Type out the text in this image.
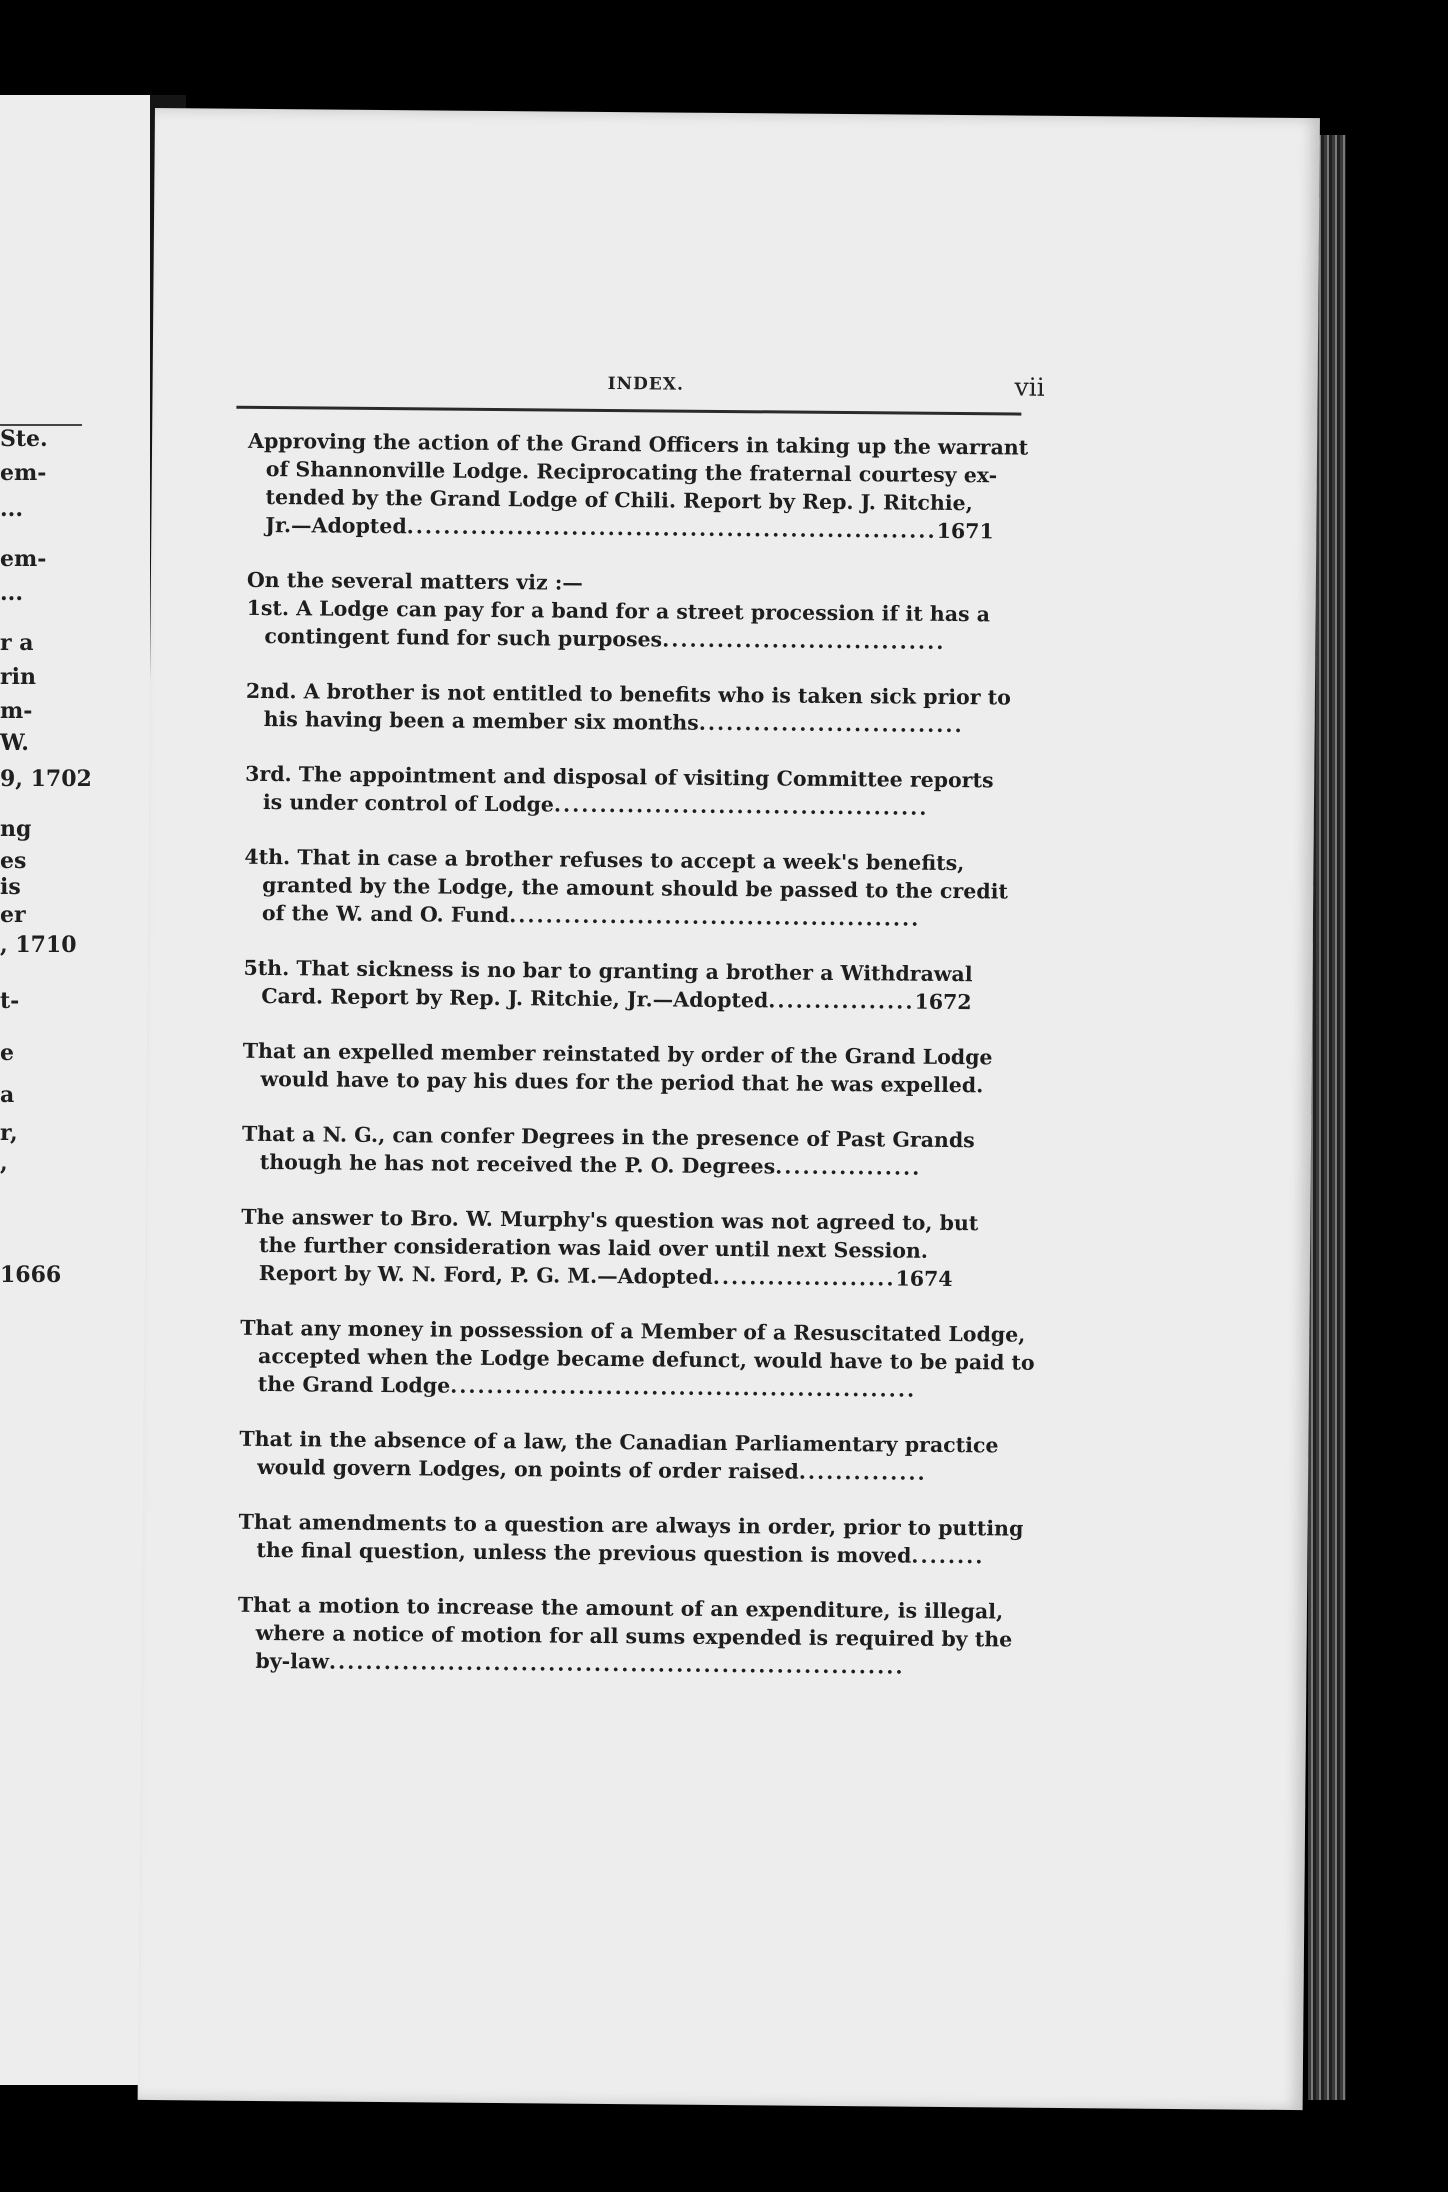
Ste.
em-
...
em-
...
r a
rin
m-
W.
9, 1702
ng
es
is
er
, 1710
t-
e
a
r,
,
1666
INDEX.	vii
Approving the action of the Grand Officers in taking up the warrant
of Shannonville Lodge. Reciprocating the fraternal courtesy ex-
tended by the Grand Lodge of Chili. Report by Rep. J. Ritchie,
Jr.—Adopted..........................................................1671
On the several matters viz :—
1st. A Lodge can pay for a band for a street procession if it has a
contingent fund for such purposes...............................
2nd. A brother is not entitled to benefits who is taken sick prior to
his having been a member six months.............................
3rd. The appointment and disposal of visiting Committee reports
is under control of Lodge.........................................
4th. That in case a brother refuses to accept a week's benefits,
granted by the Lodge, the amount should be passed to the credit
of the W. and O. Fund.............................................
5th. That sickness is no bar to granting a brother a Withdrawal
Card. Report by Rep. J. Ritchie, Jr.—Adopted................1672
That an expelled member reinstated by order of the Grand Lodge
would have to pay his dues for the period that he was expelled.
That a N. G., can confer Degrees in the presence of Past Grands
though he has not received the P. O. Degrees................
The answer to Bro. W. Murphy's question was not agreed to, but
the further consideration was laid over until next Session.
Report by W. N. Ford, P. G. M.—Adopted....................1674
That any money in possession of a Member of a Resuscitated Lodge,
accepted when the Lodge became defunct, would have to be paid to
the Grand Lodge...................................................
That in the absence of a law, the Canadian Parliamentary practice
would govern Lodges, on points of order raised..............
That amendments to a question are always in order, prior to putting
the final question, unless the previous question is moved........
That a motion to increase the amount of an expenditure, is illegal,
where a notice of motion for all sums expended is required by the
by-law...............................................................
